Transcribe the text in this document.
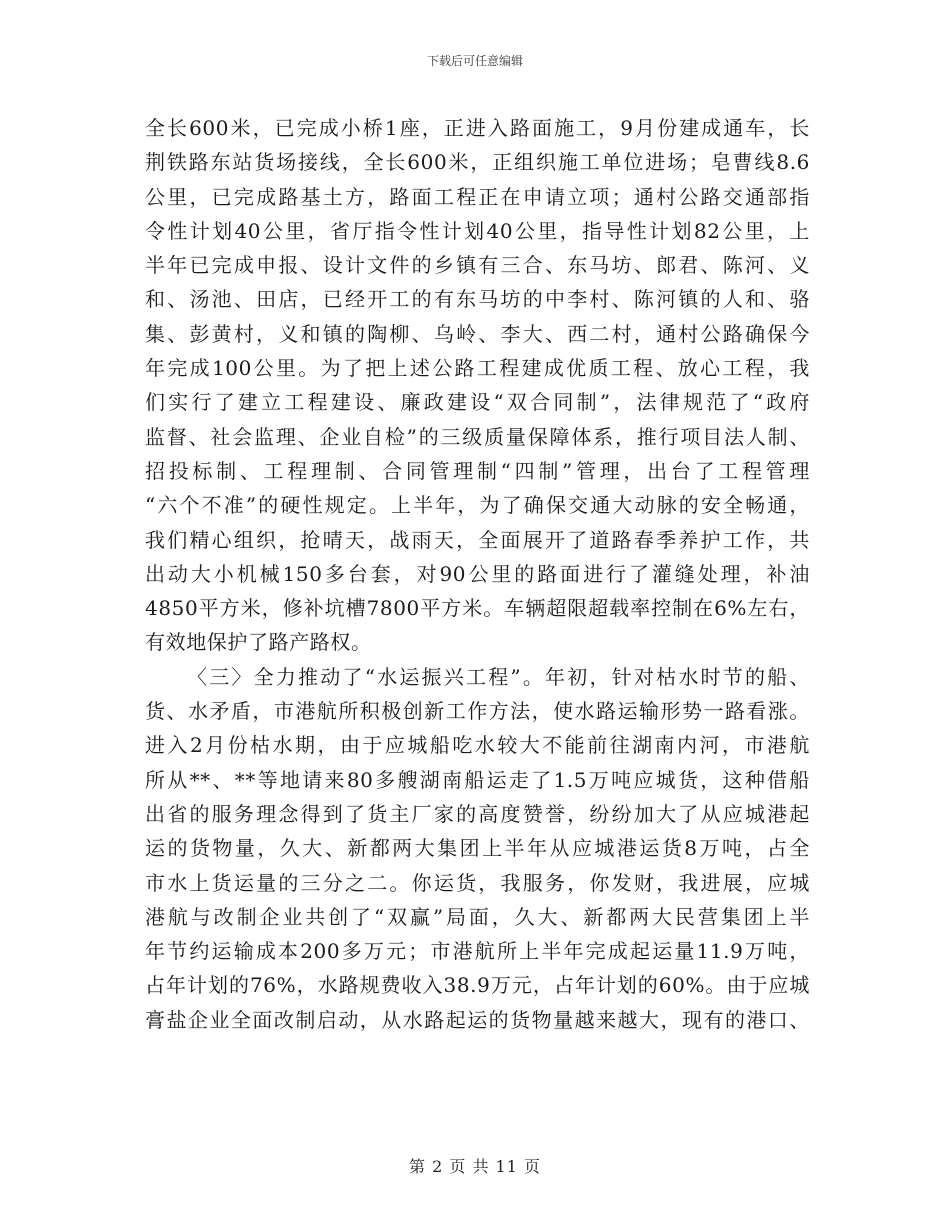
下载后可任意编辑
全长600米，已完成小桥1座，正进入路面施工，9月份建成通车，长
荆铁路东站货场接线，全长600米，正组织施工单位进场；皂曹线8.6
公里，已完成路基土方，路面工程正在申请立项；通村公路交通部指
令性计划40公里，省厅指令性计划40公里，指导性计划82公里，上
半年已完成申报、设计文件的乡镇有三合、东马坊、郎君、陈河、义
和、汤池、田店，已经开工的有东马坊的中李村、陈河镇的人和、骆
集、彭黄村，义和镇的陶柳、乌岭、李大、西二村，通村公路确保今
年完成100公里。为了把上述公路工程建成优质工程、放心工程，我
们实行了建立工程建设、廉政建设“双合同制”，法律规范了“政府
监督、社会监理、企业自检”的三级质量保障体系，推行项目法人制、
招投标制、工程理制、合同管理制“四制”管理，出台了工程管理
“六个不准”的硬性规定。上半年，为了确保交通大动脉的安全畅通，
我们精心组织，抢晴天，战雨天，全面展开了道路春季养护工作，共
出动大小机械150多台套，对90公里的路面进行了灌缝处理，补油
4850平方米，修补坑槽7800平方米。车辆超限超载率控制在6%左右，
有效地保护了路产路权。
〈三〉全力推动了“水运振兴工程”。年初，针对枯水时节的船、
货、水矛盾，市港航所积极创新工作方法，使水路运输形势一路看涨。
进入2月份枯水期，由于应城船吃水较大不能前往湖南内河，市港航
所从**、**等地请来80多艘湖南船运走了1.5万吨应城货，这种借船
出省的服务理念得到了货主厂家的高度赞誉，纷纷加大了从应城港起
运的货物量，久大、新都两大集团上半年从应城港运货8万吨，占全
市水上货运量的三分之二。你运货，我服务，你发财，我进展，应城
港航与改制企业共创了“双赢”局面，久大、新都两大民营集团上半
年节约运输成本200多万元；市港航所上半年完成起运量11.9万吨，
占年计划的76%，水路规费收入38.9万元，占年计划的60%。由于应城
膏盐企业全面改制启动，从水路起运的货物量越来越大，现有的港口、
第 2 页 共 11 页
